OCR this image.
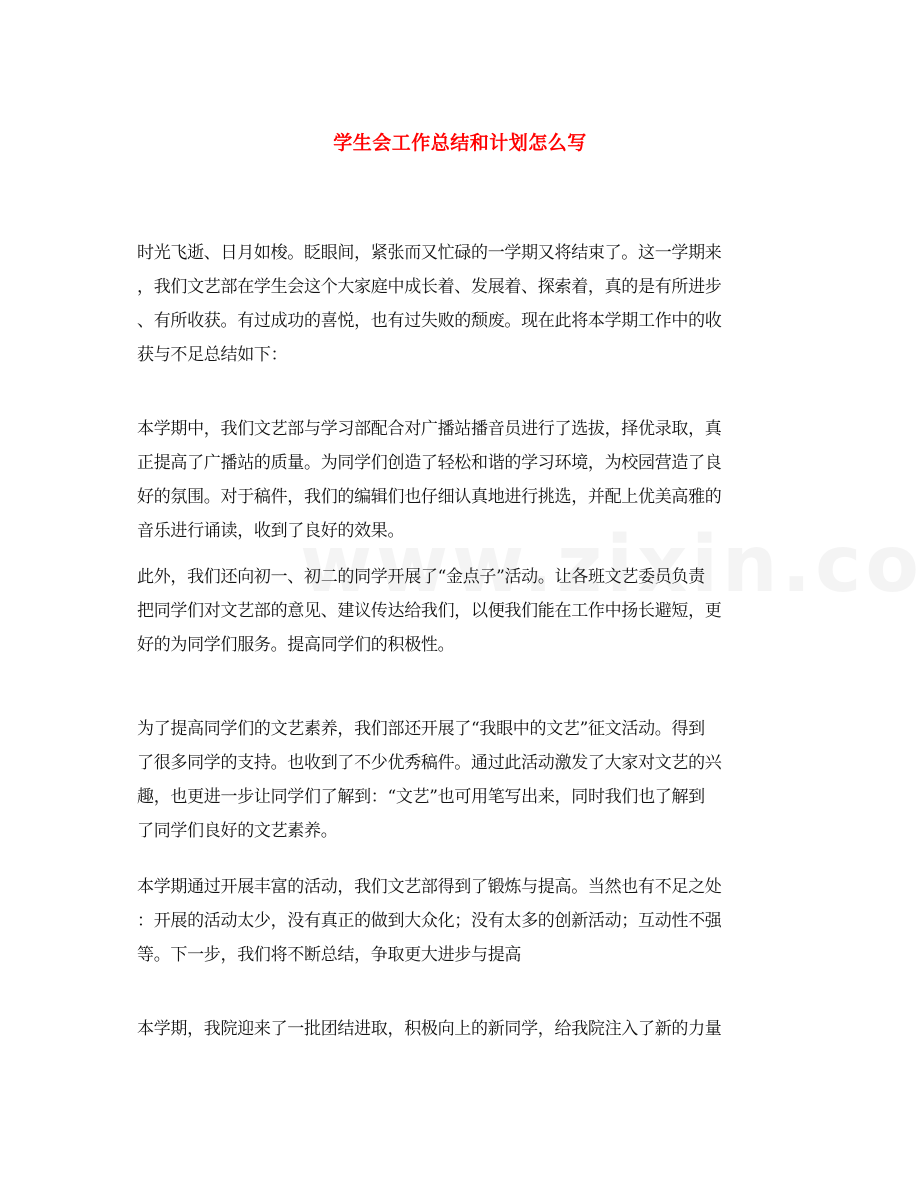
学生会工作总结和计划怎么写
时光飞逝、日月如梭。眨眼间，紧张而又忙碌的一学期又将结束了。这一学期来
，我们文艺部在学生会这个大家庭中成长着、发展着、探索着，真的是有所进步
、有所收获。有过成功的喜悦，也有过失败的颓废。现在此将本学期工作中的收
获与不足总结如下：
本学期中，我们文艺部与学习部配合对广播站播音员进行了选拔，择优录取，真
正提高了广播站的质量。为同学们创造了轻松和谐的学习环境，为校园营造了良
好的氛围。对于稿件，我们的编辑们也仔细认真地进行挑选，并配上优美高雅的
音乐进行诵读，收到了良好的效果。
此外，我们还向初一、初二的同学开展了“金点子”活动。让各班文艺委员负责
把同学们对文艺部的意见、建议传达给我们，以便我们能在工作中扬长避短，更
好的为同学们服务。提高同学们的积极性。
为了提高同学们的文艺素养，我们部还开展了“我眼中的文艺”征文活动。得到
了很多同学的支持。也收到了不少优秀稿件。通过此活动激发了大家对文艺的兴
趣，也更进一步让同学们了解到：“文艺”也可用笔写出来，同时我们也了解到
了同学们良好的文艺素养。
本学期通过开展丰富的活动，我们文艺部得到了锻炼与提高。当然也有不足之处
：开展的活动太少，没有真正的做到大众化；没有太多的创新活动；互动性不强
等。下一步，我们将不断总结，争取更大进步与提高
本学期，我院迎来了一批团结进取，积极向上的新同学，给我院注入了新的力量
